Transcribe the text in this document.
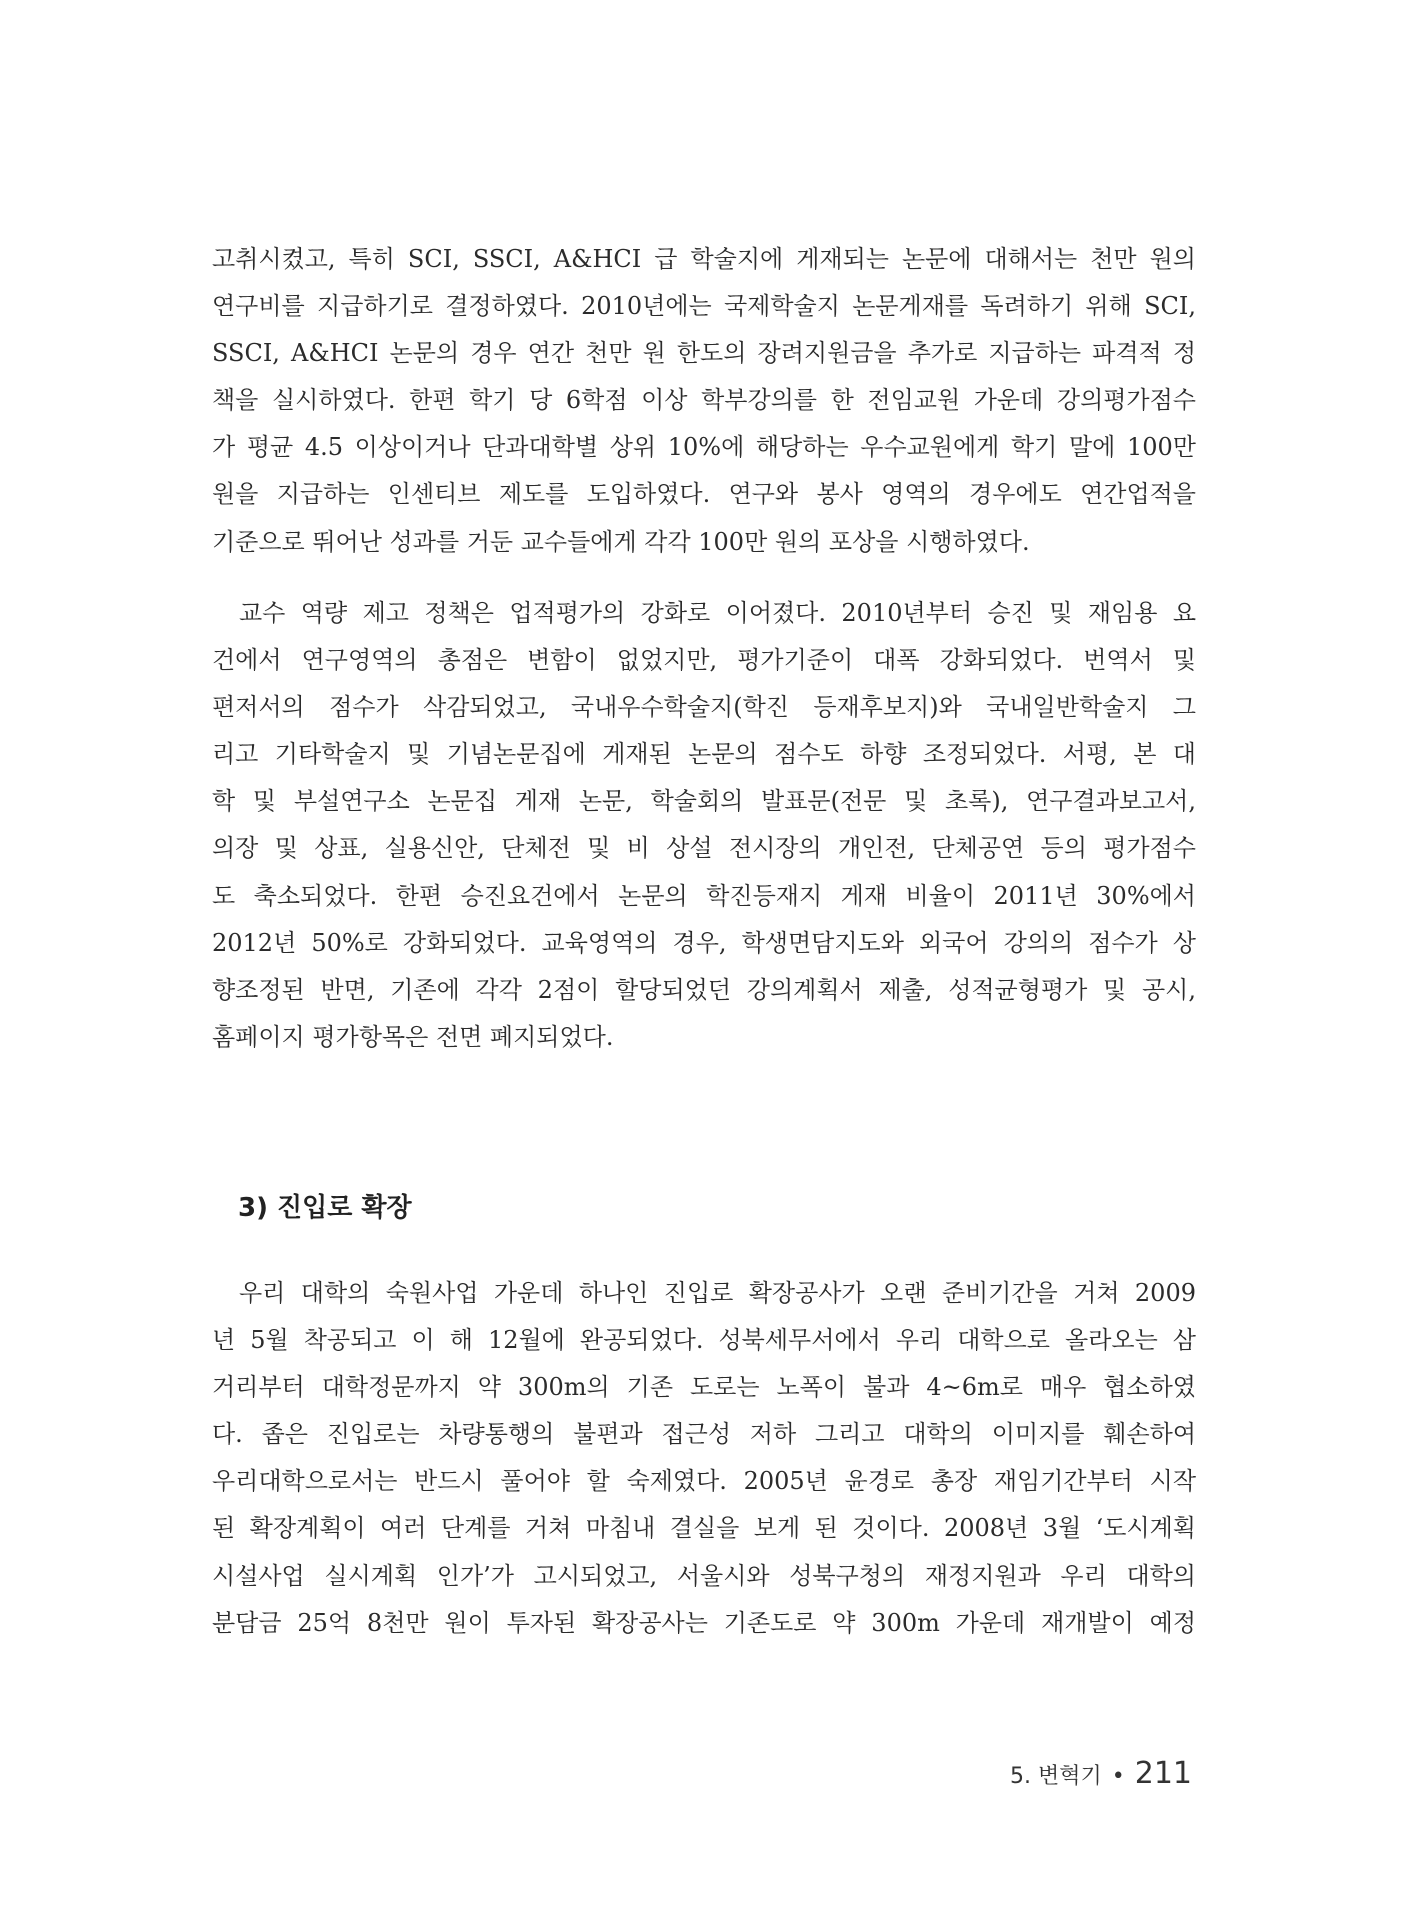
고취시켰고, 특히 SCI, SSCI, A&HCI 급 학술지에 게재되는 논문에 대해서는 천만 원의
연구비를 지급하기로 결정하였다. 2010년에는 국제학술지 논문게재를 독려하기 위해 SCI,
SSCI, A&HCI 논문의 경우 연간 천만 원 한도의 장려지원금을 추가로 지급하는 파격적 정
책을 실시하였다. 한편 학기 당 6학점 이상 학부강의를 한 전임교원 가운데 강의평가점수
가 평균 4.5 이상이거나 단과대학별 상위 10%에 해당하는 우수교원에게 학기 말에 100만
원을 지급하는 인센티브 제도를 도입하였다. 연구와 봉사 영역의 경우에도 연간업적을
기준으로 뛰어난 성과를 거둔 교수들에게 각각 100만 원의 포상을 시행하였다.
교수 역량 제고 정책은 업적평가의 강화로 이어졌다. 2010년부터 승진 및 재임용 요
건에서 연구영역의 총점은 변함이 없었지만, 평가기준이 대폭 강화되었다. 번역서 및
편저서의 점수가 삭감되었고, 국내우수학술지(학진 등재후보지)와 국내일반학술지 그
리고 기타학술지 및 기념논문집에 게재된 논문의 점수도 하향 조정되었다. 서평, 본 대
학 및 부설연구소 논문집 게재 논문, 학술회의 발표문(전문 및 초록), 연구결과보고서,
의장 및 상표, 실용신안, 단체전 및 비 상설 전시장의 개인전, 단체공연 등의 평가점수
도 축소되었다. 한편 승진요건에서 논문의 학진등재지 게재 비율이 2011년 30%에서
2012년 50%로 강화되었다. 교육영역의 경우, 학생면담지도와 외국어 강의의 점수가 상
향조정된 반면, 기존에 각각 2점이 할당되었던 강의계획서 제출, 성적균형평가 및 공시,
홈페이지 평가항목은 전면 폐지되었다.
3) 진입로 확장
우리 대학의 숙원사업 가운데 하나인 진입로 확장공사가 오랜 준비기간을 거쳐 2009
년 5월 착공되고 이 해 12월에 완공되었다. 성북세무서에서 우리 대학으로 올라오는 삼
거리부터 대학정문까지 약 300m의 기존 도로는 노폭이 불과 4~6m로 매우 협소하였
다. 좁은 진입로는 차량통행의 불편과 접근성 저하 그리고 대학의 이미지를 훼손하여
우리대학으로서는 반드시 풀어야 할 숙제였다. 2005년 윤경로 총장 재임기간부터 시작
된 확장계획이 여러 단계를 거쳐 마침내 결실을 보게 된 것이다. 2008년 3월 ‘도시계획
시설사업 실시계획 인가’가 고시되었고, 서울시와 성북구청의 재정지원과 우리 대학의
분담금 25억 8천만 원이 투자된 확장공사는 기존도로 약 300m 가운데 재개발이 예정
5. 변혁기 • 211
